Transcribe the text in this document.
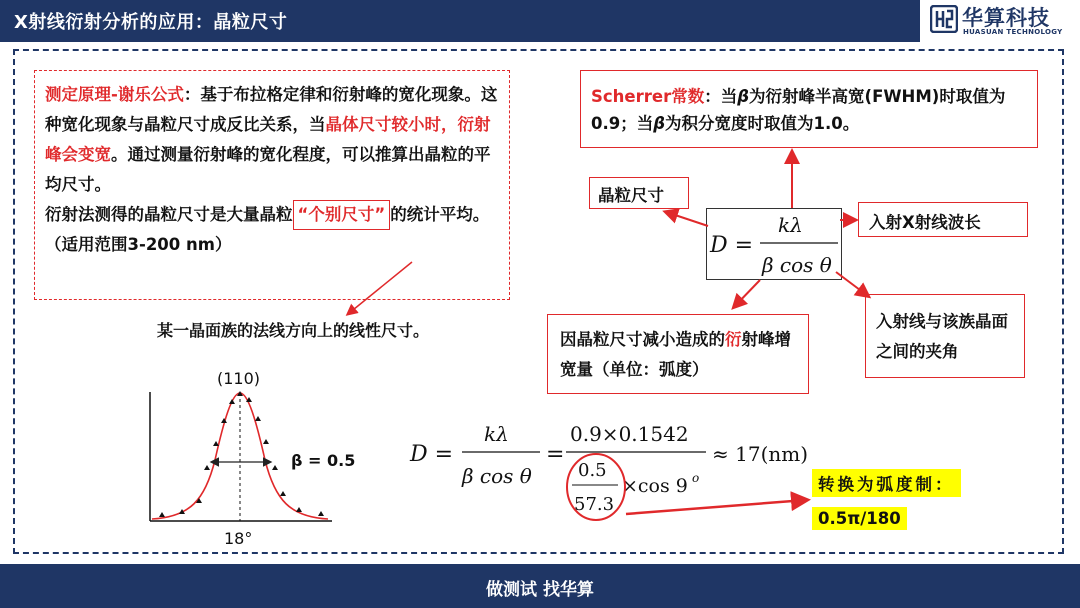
X射线衍射分析的应用：晶粒尺寸	华算科技
HUASUAN TECHNOLOGY
测定原理-谢乐公式：基于布拉格定律和衍射峰的宽化现象。这种宽化现象与晶粒尺寸成反比关系，当晶体尺寸较小时，衍射峰会变宽。通过测量衍射峰的宽化程度，可以推算出晶粒的平均尺寸。
衍射法测得的晶粒尺寸是大量晶粒 “个别尺寸” 的统计平均。（适用范围3-200 nm）
某一晶面族的法线方向上的线性尺寸。
Scherrer常数：当β为衍射峰半高宽(FWHM)时取值为0.9；当β为积分宽度时取值为1.0。
晶粒尺寸
入射X射线波长
因晶粒尺寸减小造成的衍射峰增宽量（单位：弧度）
入射线与该族晶面之间的夹角
D =
kλ
β cos θ
(110)
β = 0.5
18°
D =
kλ
β cos θ
=
0.9×0.1542
0.5
57.3
×cos 9 o
≈ 17(nm)
转换为弧度制：
0.5π/180
做测试 找华算
